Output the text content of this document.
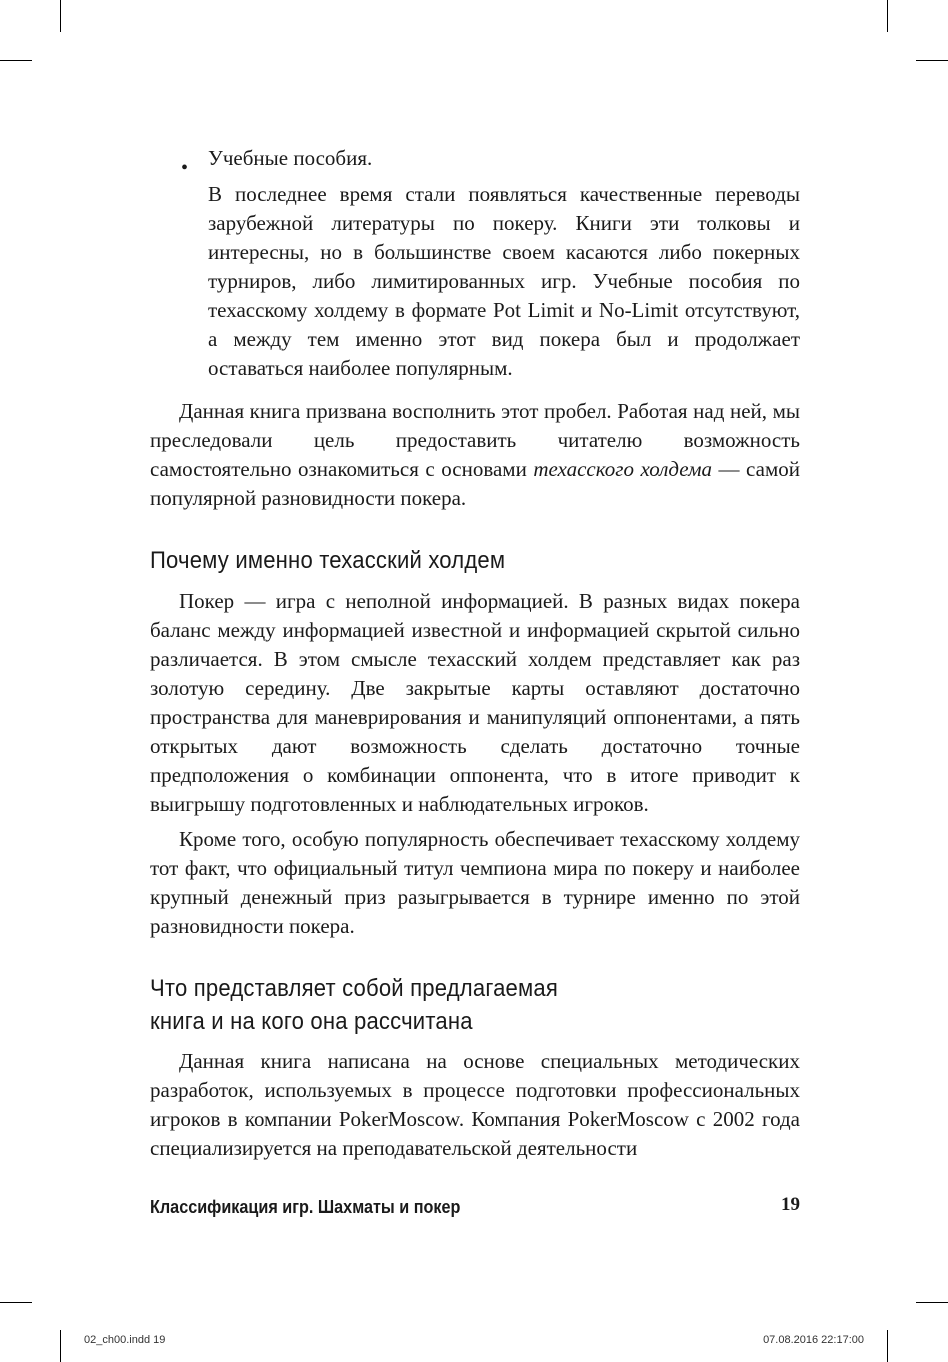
• Учебные пособия.

В последнее время стали появляться качественные переводы зарубежной литературы по покеру. Книги эти толковы и интересны, но в большинстве своем касаются либо покерных турниров, либо лимитированных игр. Учебные пособия по техасскому холдему в формате Pot Limit и No-Limit отсутствуют, а между тем именно этот вид покера был и продолжает оставаться наиболее популярным.

Данная книга призвана восполнить этот пробел. Работая над ней, мы преследовали цель предоставить читателю возможность самостоятельно ознакомиться с основами техасского холдема — самой популярной разновидности покера.

Почему именно техасский холдем

Покер — игра с неполной информацией. В разных видах покера баланс между информацией известной и информацией скрытой сильно различается. В этом смысле техасский холдем представляет как раз золотую середину. Две закрытые карты оставляют достаточно пространства для маневрирования и манипуляций оппонентами, а пять открытых дают возможность сделать достаточно точные предположения о комбинации оппонента, что в итоге приводит к выигрышу подготовленных и наблюдательных игроков.

Кроме того, особую популярность обеспечивает техасскому холдему тот факт, что официальный титул чемпиона мира по покеру и наиболее крупный денежный приз разыгрывается в турнире именно по этой разновидности покера.

Что представляет собой предлагаемая
книга и на кого она рассчитана

Данная книга написана на основе специальных методических разработок, используемых в процессе подготовки профессиональных игроков в компании PokerMoscow. Компания PokerMoscow с 2002 года специализируется на преподавательской деятельности

Классификация игр. Шахматы и покер	19
02_ch00.indd 19	07.08.2016 22:17:00
